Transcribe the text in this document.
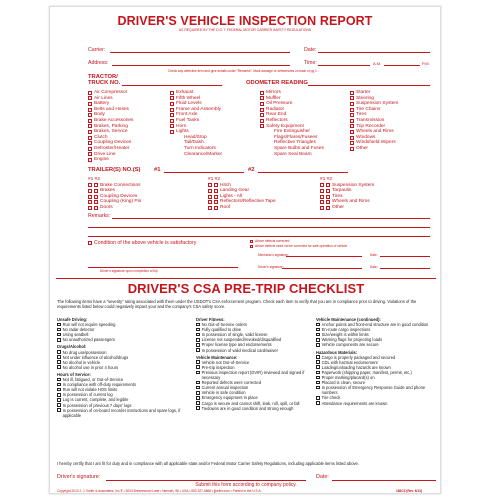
DRIVER'S VEHICLE INSPECTION REPORT
AS REQUIRED BY THE D.O.T. FEDERAL MOTOR CARRIER SAFETY REGULATIONS
Carrier:	Date:
Address:	Time:	A.M.	P.M.
Check any defective item and give details under "Remarks". Mark damage or deficiencies on back of pg 1 -
TRACTOR/
TRUCK NO.	ODOMETER READING
Air Compressor
Air Lines
Battery
Belts and Hoses
Body
Brake Accessories
Brakes, Parking
Brakes, Service
Clutch
Coupling Devices
Defroster/Heater
Drive Line
Engine
Exhaust
Fifth Wheel
Fluid Levels
Frame and Assembly
Front Axle
Fuel Tanks
Horn
Lights
Head/Stop
Tail/Dash
Turn Indicators
Clearance/Marker
Mirrors
Muffler
Oil Pressure
Radiator
Rear End
Reflectors
Safety Equipment
Fire Extinguisher
Flags/Flares/Fusees
Reflective Triangles
Spare Bulbs and Fuses
Spare Seal Beam
Starter
Steering
Suspension System
Tire Chains
Tires
Transmission
Trip Recorder
Wheels and Rims
Windows
Windshield Wipers
Other
TRAILER(S) NO.(S) #1	#2
#1 #2
Brake Connections
Brakes
Coupling Devices
Coupling (King) Pin
Doors
#1 #2
Hitch
Landing Gear
Lights - All
Reflectors/Reflective Tape
Roof
#1 #2
Suspension System
Tarpaulin
Tires
Wheels and Rims
Other
Remarks:
Condition of the above vehicle is satisfactory	Above defects corrected
Above defects need not be corrected for safe operation of vehicle
Mechanic's signature:	Date:
Driver's signature upon completion of trip
Driver's signature:	Date:
DRIVER'S CSA PRE-TRIP CHECKLIST
The following items have a "severity" rating associated with them under the USDOT's CSA enforcement program. Check each item to verify that you are in compliance prior to driving. Violations of the requirements listed below could negatively impact your and the company's CSA safety score.
Unsafe Driving:
Run will not require speeding
No radar detector
Using seatbelt
No unauthorized passengers
Drugs/Alcohol:
No drug use/possession
Not under influence of alcohol/drugs
No alcohol in vehicle
No alcohol use in prior 4 hours
Hours of Service:
Not ill, fatigued, or Out-of-Service
In compliance with off-duty requirements
Run will not violate HOS limits
In possession of current log
Log is current, complete, and legible
In possession of previous 7 days' logs
In possession of on-board recorder instructions and spare logs, if applicable
Driver Fitness:
No Out-of-Service orders
Fully qualified to drive
In possession of single, valid license
License not suspended/revoked/disqualified
Proper license type and endorsements
In possession of valid medical card/waiver
Vehicle Maintenance:
Vehicle not Out-of-Service
Pre-trip inspection
Previous inspection report (DVIR) reviewed and signed if necessary
Reported defects were corrected
Current annual inspection
Vehicle in safe condition
Emergency equipment in place
Cargo is secure and cannot shift, leak, roll, spill, or fall
Tiedowns are in good condition and strong enough
Vehicle Maintenance (continued):
Anchor points and front-end structure are in good condition
En-route cargo inspections
Size/weight is within limits
Warning flags for projecting loads
Vehicle components are secure
Hazardous Materials:
Cargo is properly packaged and secured
CDL with hazmat endorsement
Loading/unloading hazards are known
Paperwork (shipping paper, manifest, permit, etc.)
Proper marking/placard(s) on
Placard is clean, secure
In possession of Emergency Response Guide and phone numbers
Tire check
Attendance requirements are known
I hereby certify that I am fit for duty and in compliance with all applicable state and/or Federal Motor Carrier Safety Regulations, including applicable items listed above.
Driver's signature:	Date:
Submit this form according to company policy.
Copyright 2013 J. J. Keller & Associates, Inc.® • 3003 Breezewood Lane • Neenah, WI • USA • 800-327-6868 • jjkeller.com • Printed in the U.S.A.	166C3 (Rev. 6/13)
